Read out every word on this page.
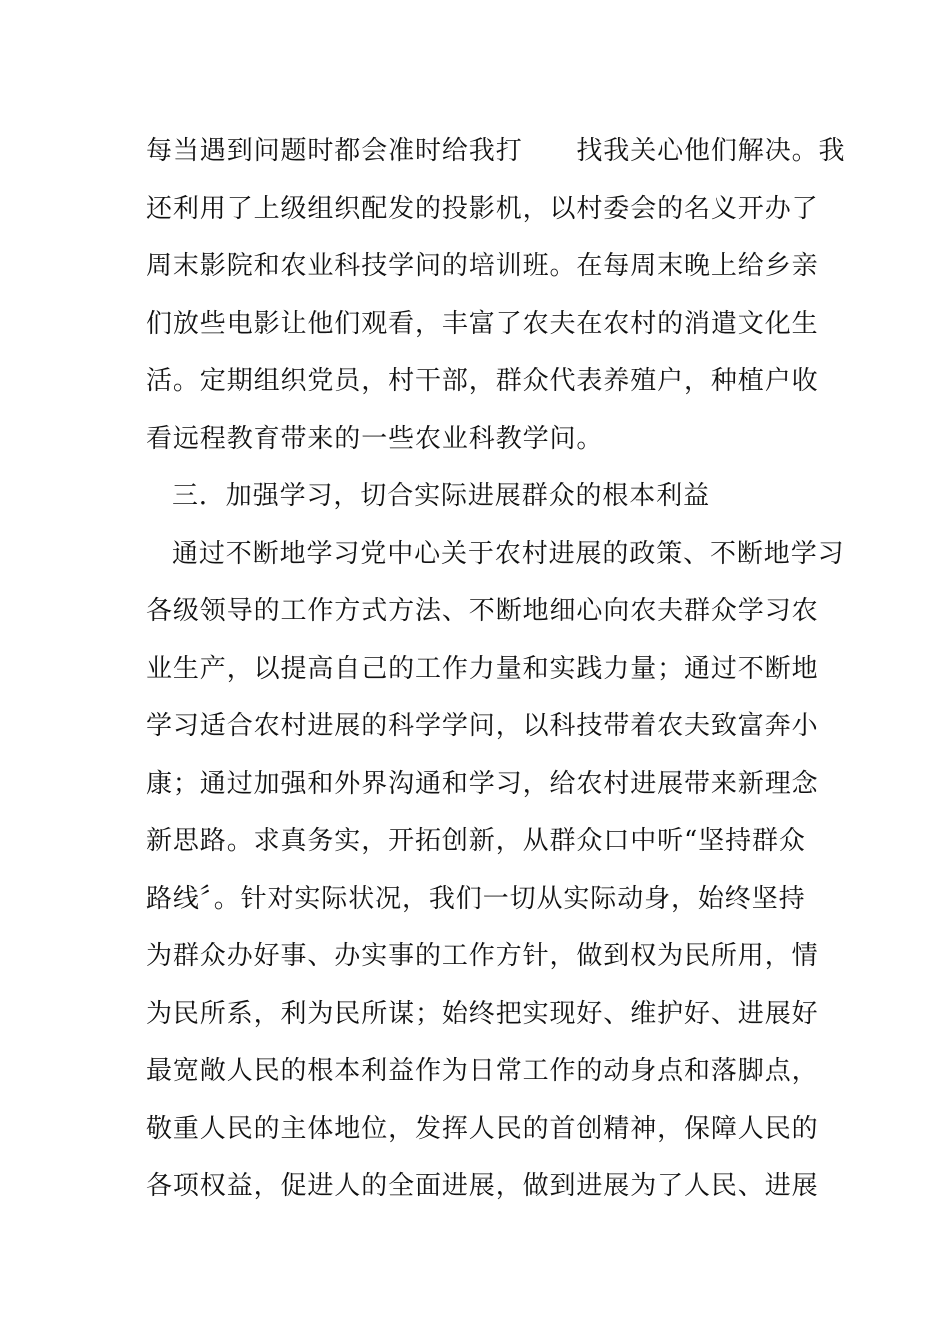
每当遇到问题时都会准时给我打　　找我关心他们解决。我
还利用了上级组织配发的投影机，以村委会的名义开办了
周末影院和农业科技学问的培训班。在每周末晚上给乡亲
们放些电影让他们观看，丰富了农夫在农村的消遣文化生
活。定期组织党员，村干部，群众代表养殖户，种植户收
看远程教育带来的一些农业科教学问。
三．加强学习，切合实际进展群众的根本利益
通过不断地学习党中心关于农村进展的政策、不断地学习
各级领导的工作方式方法、不断地细心向农夫群众学习农
业生产，以提高自己的工作力量和实践力量；通过不断地
学习适合农村进展的科学学问，以科技带着农夫致富奔小
康；通过加强和外界沟通和学习，给农村进展带来新理念
新思路。求真务实，开拓创新，从群众口中听“坚持群众
路线〞。针对实际状况，我们一切从实际动身，始终坚持
为群众办好事、办实事的工作方针，做到权为民所用，情
为民所系，利为民所谋；始终把实现好、维护好、进展好
最宽敞人民的根本利益作为日常工作的动身点和落脚点，
敬重人民的主体地位，发挥人民的首创精神，保障人民的
各项权益，促进人的全面进展，做到进展为了人民、进展
